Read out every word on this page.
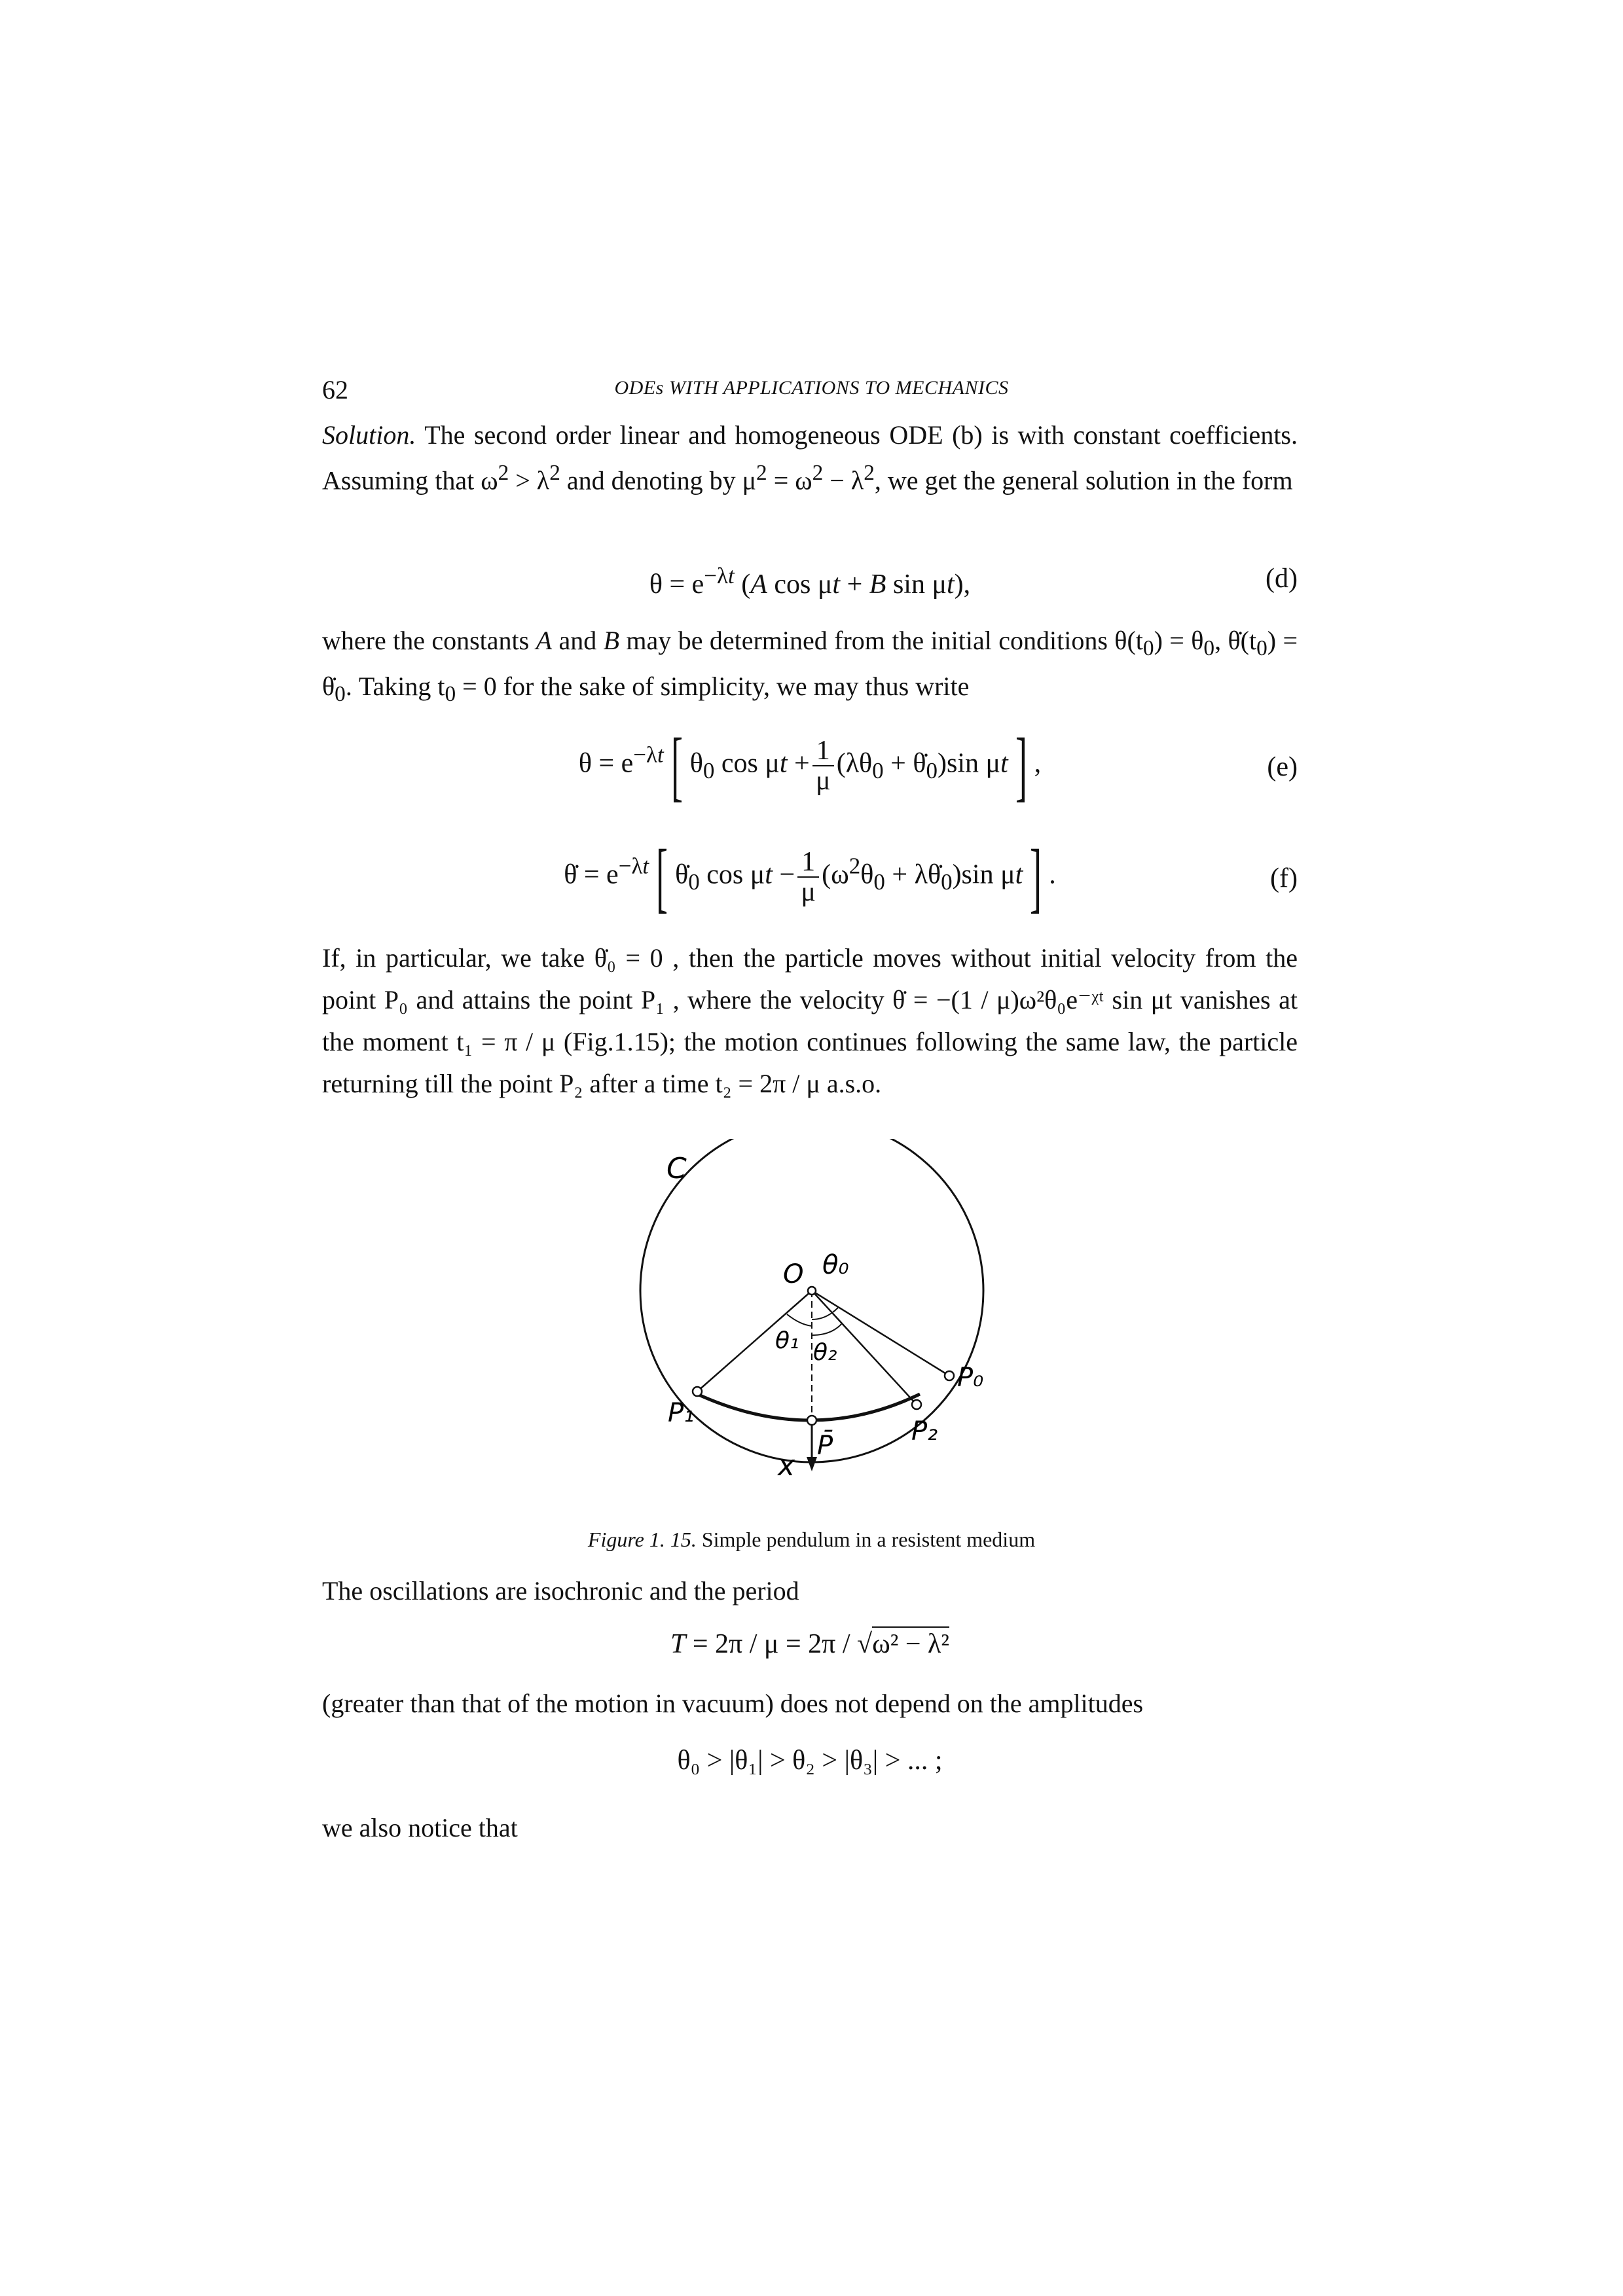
62	ODEs WITH APPLICATIONS TO MECHANICS

Solution. The second order linear and homogeneous ODE (b) is with constant coefficients. Assuming that $\omega^2 > \lambda^2$ and denoting by $\mu^2 = \omega^2 - \lambda^2$, we get the general solution in the form

$\theta = e^{-\lambda t}$ (A cos μt + B sin μt),	(d)

where the constants A and B may be determined from the initial conditions $\theta(t_0) = \theta_0$, $\thetȧ(t_0)$ = $\thetȧ_0$. Taking $t_0 = 0$ for the sake of simplicity, we may thus write

$\theta = e^{-\lambda t}$[ $\theta_0$ $\cos \mu t + \frac{1}{\mu} (\lambda\theta_0$ + $\thetȧ_0)\sin$ μt] ,	(e)
θ̇ = $e^{-\lambda t}$[ $\thetȧ_0$ $\cos \mu t - \frac{1}{\mu} (\omega^2\theta_0$ + $\lambda\thetȧ_0)\sin$ μt] .	(f)

If, in particular, we take θ̇₀ = 0 , then the particle moves without initial velocity from the point P₀ and attains the point P₁ , where the velocity θ̇ = −(1 / μ)ω²θ₀e⁻ᵡᵗ sin μt vanishes at the moment t₁ = π / μ (Fig.1.15); the motion continues following the same law, the particle returning till the point P₂ after a time t₂ = 2π / μ a.s.o.

C
O θ₀
θ₁ θ₂
P₀
P₁
P₂
P̄
x
Figure 1. 15. Simple pendulum in a resistent medium

The oscillations are isochronic and the period

T = 2π / μ = 2π / √ω² − λ²

(greater than that of the motion in vacuum) does not depend on the amplitudes

θ₀ > |θ₁| > θ₂ > |θ₃| > ... ;

we also notice that
